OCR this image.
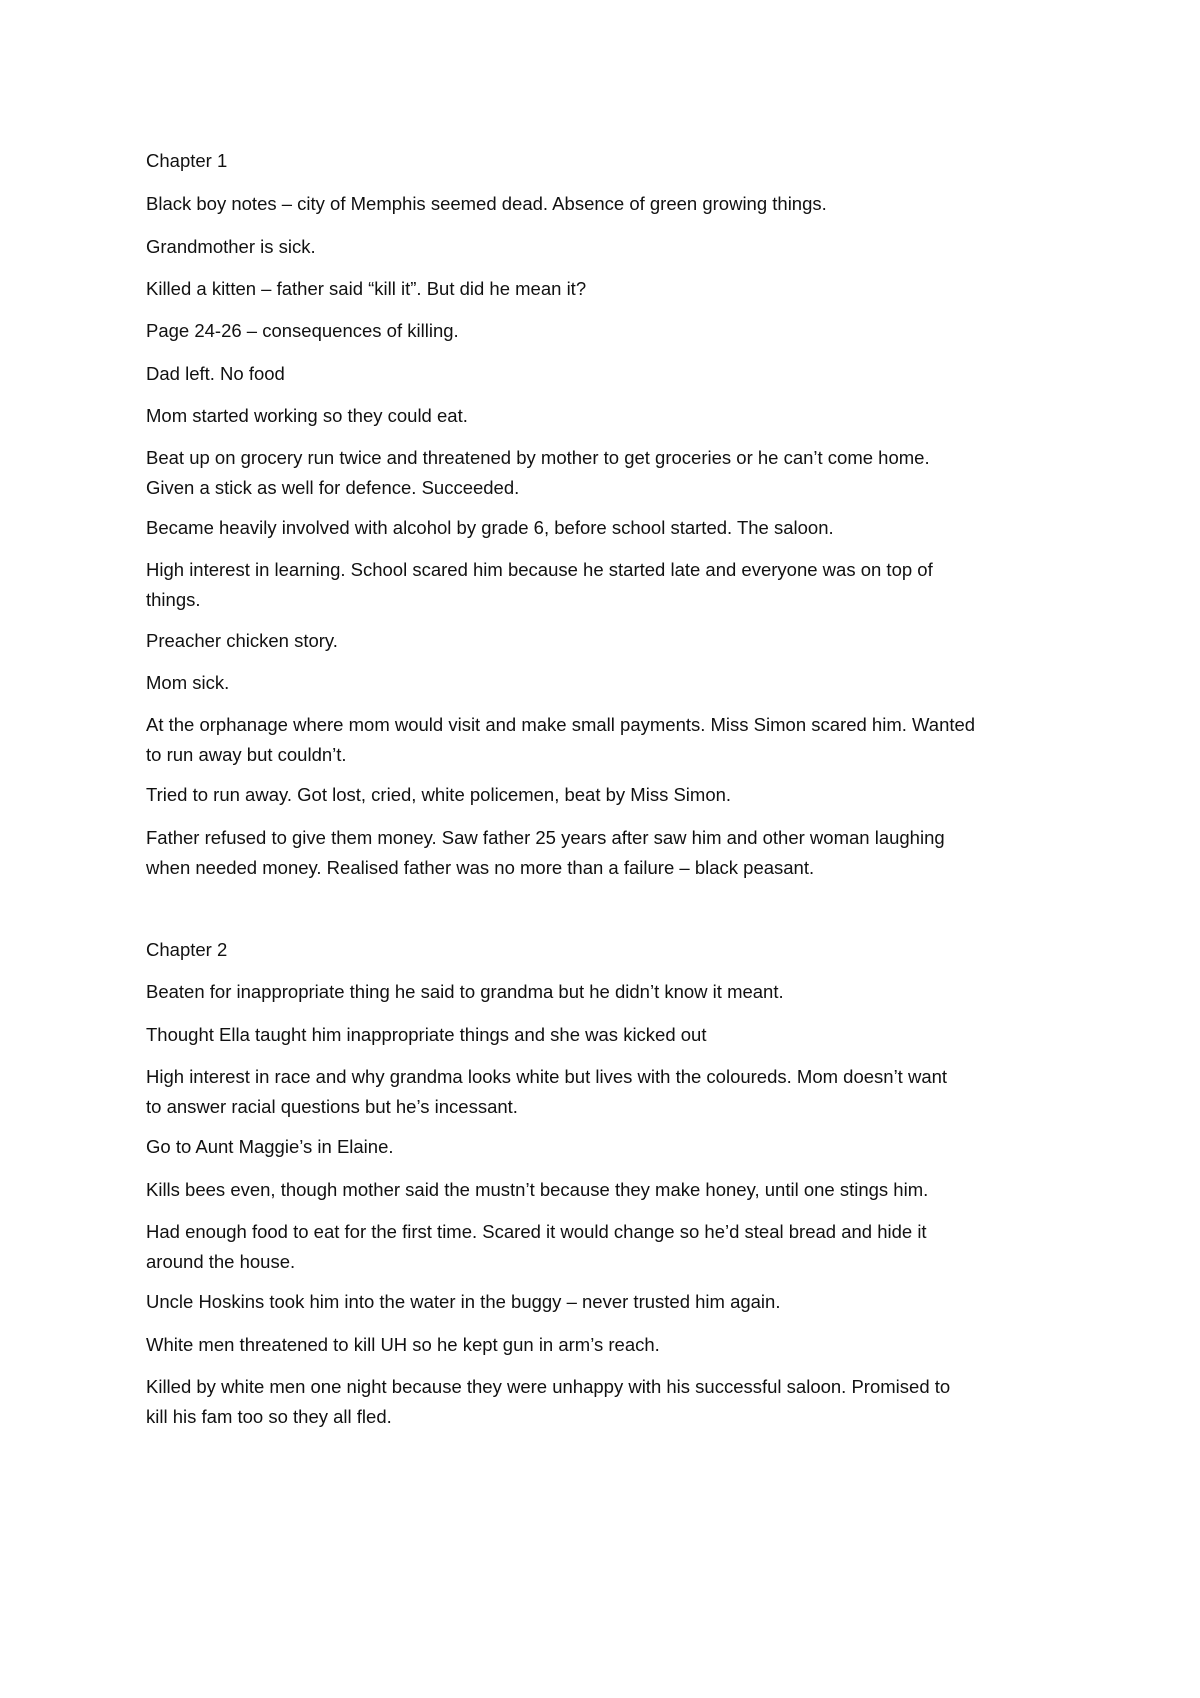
Chapter 1

Black boy notes – city of Memphis seemed dead. Absence of green growing things.

Grandmother is sick.

Killed a kitten – father said “kill it”. But did he mean it?

Page 24-26 – consequences of killing.

Dad left. No food

Mom started working so they could eat.

Beat up on grocery run twice and threatened by mother to get groceries or he can’t come home.
Given a stick as well for defence. Succeeded.

Became heavily involved with alcohol by grade 6, before school started. The saloon.

High interest in learning. School scared him because he started late and everyone was on top of
things.

Preacher chicken story.

Mom sick.

At the orphanage where mom would visit and make small payments. Miss Simon scared him. Wanted
to run away but couldn’t.

Tried to run away. Got lost, cried, white policemen, beat by Miss Simon.

Father refused to give them money. Saw father 25 years after saw him and other woman laughing
when needed money. Realised father was no more than a failure – black peasant.

Chapter 2

Beaten for inappropriate thing he said to grandma but he didn’t know it meant.

Thought Ella taught him inappropriate things and she was kicked out

High interest in race and why grandma looks white but lives with the coloureds. Mom doesn’t want
to answer racial questions but he’s incessant.

Go to Aunt Maggie’s in Elaine.

Kills bees even, though mother said the mustn’t because they make honey, until one stings him.

Had enough food to eat for the first time. Scared it would change so he’d steal bread and hide it
around the house.

Uncle Hoskins took him into the water in the buggy – never trusted him again.

White men threatened to kill UH so he kept gun in arm’s reach.

Killed by white men one night because they were unhappy with his successful saloon. Promised to
kill his fam too so they all fled.
